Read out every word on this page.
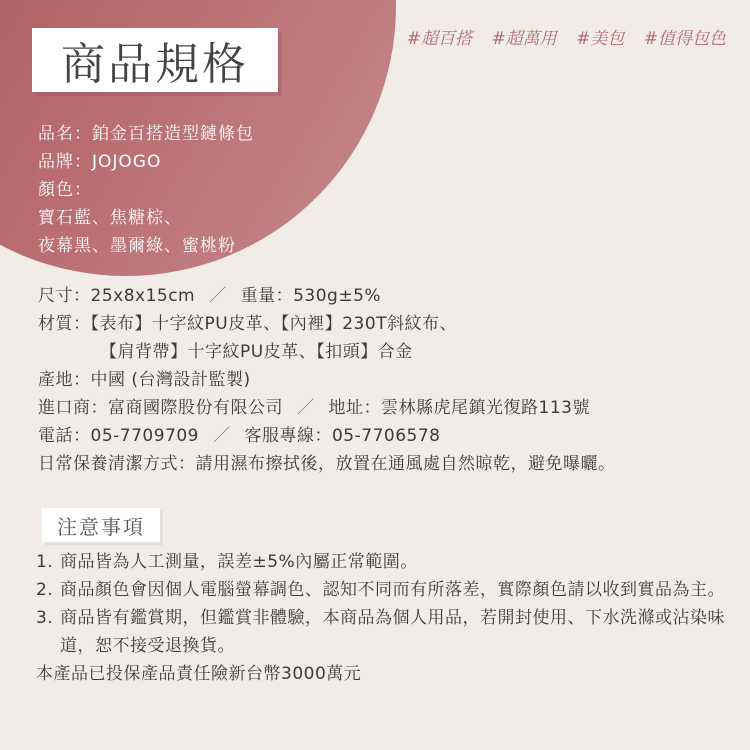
商品規格	#超百搭 #超萬用 #美包 #值得包色
品名：鉑金百搭造型鏈條包
品牌：JOJOGO
顏色：
寶石藍、焦糖棕、
夜幕黑、墨爾綠、蜜桃粉
尺寸：25x8x15cm ／ 重量：530g±5%
材質：【表布】十字紋PU皮革、【內裡】230T斜紋布、
【肩背帶】十字紋PU皮革、【扣頭】合金
產地：中國 (台灣設計監製)
進口商：富商國際股份有限公司 ／ 地址：雲林縣虎尾鎮光復路113號
電話：05-7709709 ／ 客服專線：05-7706578
日常保養清潔方式：請用濕布擦拭後，放置在通風處自然晾乾，避免曝曬。
注意事項
1. 商品皆為人工測量，誤差±5%內屬正常範圍。
2. 商品顏色會因個人電腦螢幕調色、認知不同而有所落差，實際顏色請以收到實品為主。
3. 商品皆有鑑賞期，但鑑賞非體驗，本商品為個人用品，若開封使用、下水洗滌或沾染味道，恕不接受退換貨。
本產品已投保產品責任險新台幣3000萬元
